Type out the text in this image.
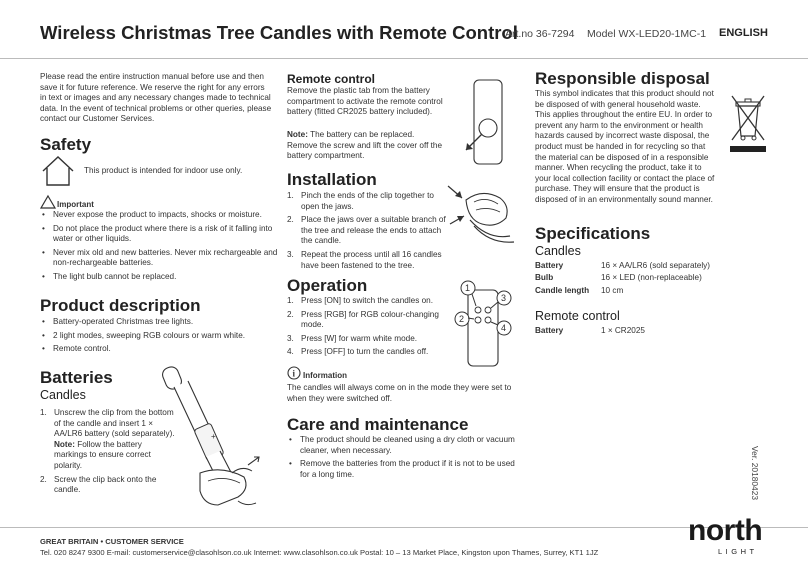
Wireless Christmas Tree Candles with Remote Control
Art.no 36-7294 Model WX-LED20-1MC-1 ENGLISH
Please read the entire instruction manual before use and then save it for future reference. We reserve the right for any errors in text or images and any necessary changes made to technical data. In the event of technical problems or other queries, please contact our Customer Services.
Safety
This product is intended for indoor use only.
Important
• Never expose the product to impacts, shocks or moisture.
• Do not place the product where there is a risk of it falling into water or other liquids.
• Never mix old and new batteries. Never mix rechargeable and non-rechargeable batteries.
• The light bulb cannot be replaced.
Product description
• Battery-operated Christmas tree lights.
• 2 light modes, sweeping RGB colours or warm white.
• Remote control.
Batteries
Candles
1. Unscrew the clip from the bottom of the candle and insert 1 × AA/LR6 battery (sold separately). Note: Follow the battery markings to ensure correct polarity.
2. Screw the clip back onto the candle.
+
Remote control
Remove the plastic tab from the battery compartment to activate the remote control battery (fitted CR2025 battery included).
Note: The battery can be replaced. Remove the screw and lift the cover off the battery compartment.
Installation
1. Pinch the ends of the clip together to open the jaws.
2. Place the jaws over a suitable branch of the tree and release the ends to attach the candle.
3. Repeat the process until all 16 candles have been fastened to the tree.
Operation
1. Press [ON] to switch the candles on.
2. Press [RGB] for RGB colour-changing mode.
3. Press [W] for warm white mode.
4. Press [OFF] to turn the candles off.
1
2
3
4
i Information
The candles will always come on in the mode they were set to when they were switched off.
Care and maintenance
• The product should be cleaned using a dry cloth or vacuum cleaner, when necessary.
• Remove the batteries from the product if it is not to be used for a long time.
Responsible disposal
This symbol indicates that this product should not be disposed of with general household waste. This applies throughout the entire EU. In order to prevent any harm to the environment or health hazards caused by incorrect waste disposal, the product must be handed in for recycling so that the material can be disposed of in a responsible manner. When recycling the product, take it to your local collection facility or contact the place of purchase. They will ensure that the product is disposed of in an environmentally sound manner.
Specifications
Candles
Battery	16 × AA/LR6 (sold separately)
Bulb	16 × LED (non-replaceable)
Candle length 10 cm
Remote control
Battery	1 × CR2025
Ver. 20180423
GREAT BRITAIN • CUSTOMER SERVICE
Tel. 020 8247 9300 E-mail: customerservice@clasohlson.co.uk Internet: www.clasohlson.co.uk Postal: 10 – 13 Market Place, Kingston upon Thames, Surrey, KT1 1JZ
north
LIGHT
